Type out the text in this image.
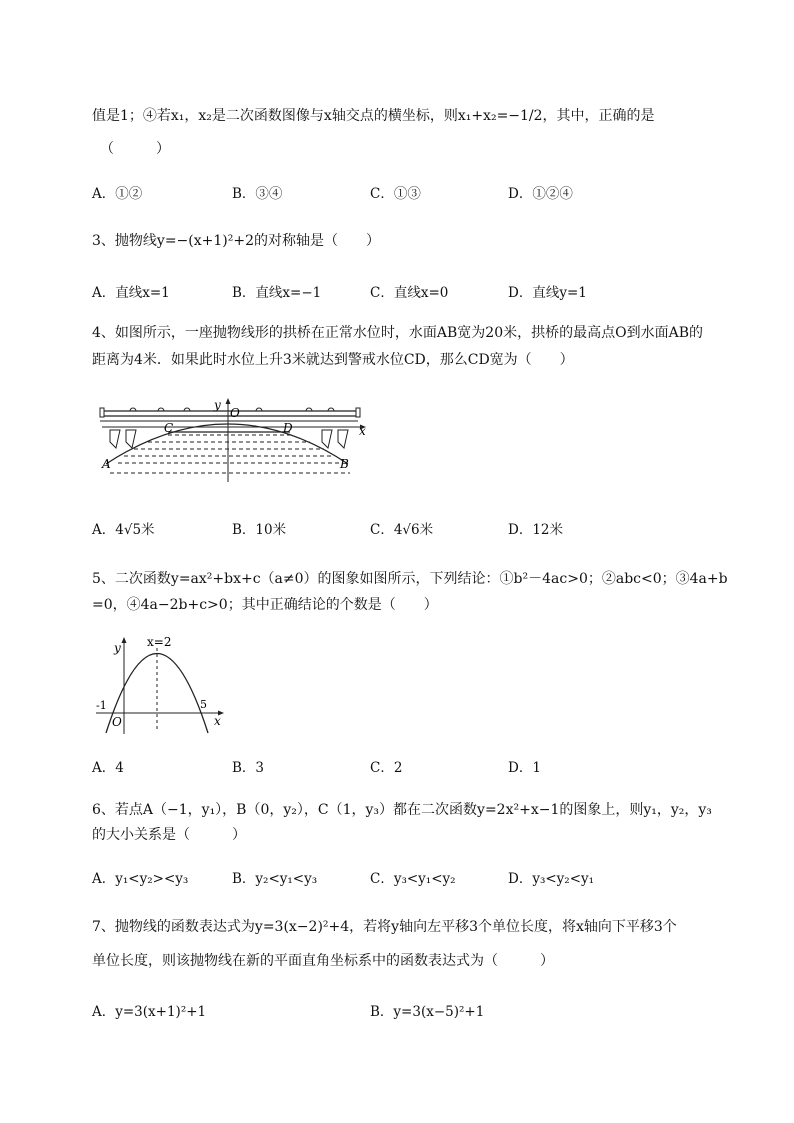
值是1；④若x₁，x₂是二次函数图像与x轴交点的横坐标，则x₁+x₂=−1/2，其中，正确的是
（　　　）
A．①②	B．③④	C．①③	D．①②④
3、抛物线y=−(x+1)²+2的对称轴是（　　）
A．直线x=1	B．直线x=−1	C．直线x=0	D．直线y=1
4、如图所示，一座抛物线形的拱桥在正常水位时，水面AB宽为20米，拱桥的最高点O到水面AB的
距离为4米．如果此时水位上升3米就达到警戒水位CD，那么CD宽为（　　）
y
O
C	D	x
A	B
A．4√5米	B．10米	C．4√6米	D．12米
5、二次函数y=ax²+bx+c（a≠0）的图象如图所示，下列结论：①b²－4ac>0；②abc<0；③4a+b
=0，④4a−2b+c>0；其中正确结论的个数是（　　）
y x=2
-1
O
5
x
A．4	B．3	C．2	D．1
6、若点A（−1，y₁），B（0，y₂），C（1，y₃）都在二次函数y=2x²+x−1的图象上，则y₁，y₂，y₃
的大小关系是（　　　）
A．y₁<y₂><y₃	B．y₂<y₁<y₃	C．y₃<y₁<y₂	D．y₃<y₂<y₁
7、抛物线的函数表达式为y=3(x−2)²+4，若将y轴向左平移3个单位长度，将x轴向下平移3个
单位长度，则该抛物线在新的平面直角坐标系中的函数表达式为（　　　）
A．y=3(x+1)²+1	B．y=3(x−5)²+1
